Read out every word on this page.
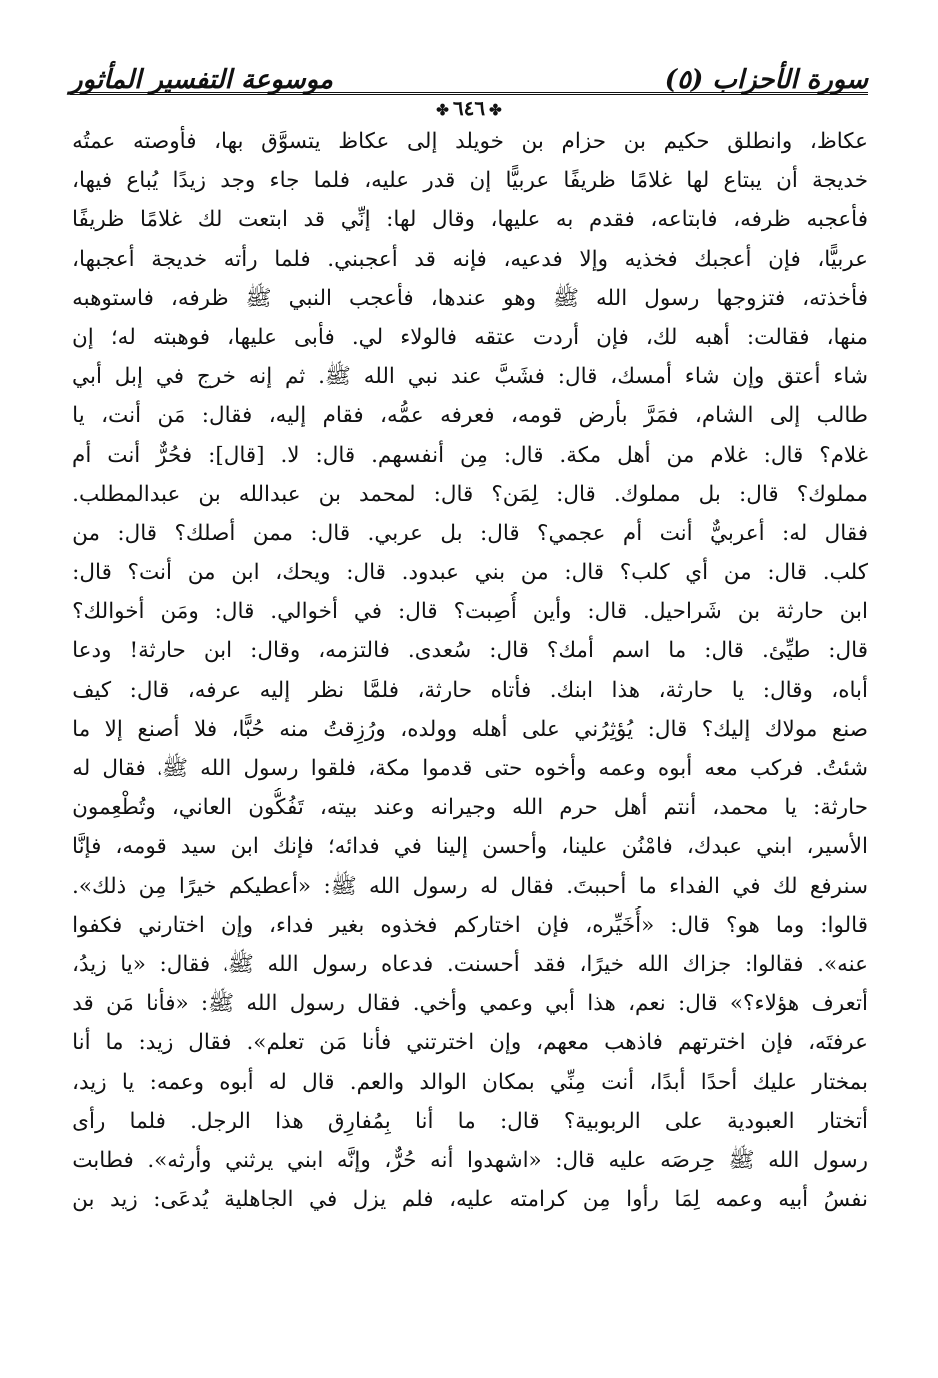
سورة الأحزاب (٥)
✤٦٤٦✤
موسوعة التفسير المأثور
عكاظ،
وانطلق
حكيم
بن
حزام
بن
خويلد
إلى
عكاظ
يتسوَّق
بها،
فأوصته
عمتُه
خديجة
أن
يبتاع
لها
غلامًا
ظريفًا
عربيًّا
إن
قدر
عليه،
فلما
جاء
وجد
زيدًا
يُباع
فيها،
فأعجبه
ظرفه،
فابتاعه،
فقدم
به
عليها،
وقال
لها:
إنِّي
قد
ابتعت
لك
غلامًا
ظريفًا
عربيًّا،
فإن
أعجبك
فخذيه
وإلا
فدعيه،
فإنه
قد
أعجبني.
فلما
رأته
خديجة
أعجبها،
فأخذته،
فتزوجها
رسول
الله
ﷺ
وهو
عندها،
فأعجب
النبي
ﷺ
ظرفه،
فاستوهبه
منها،
فقالت:
أهبه
لك،
فإن
أردت
عتقه
فالولاء
لي.
فأبى
عليها،
فوهبته
له؛
إن
شاء
أعتق
وإن
شاء
أمسك،
قال:
فشَبَّ
عند
نبي
الله
ﷺ.
ثم
إنه
خرج
في
إبل
أبي
طالب
إلى
الشام،
فمَرَّ
بأرض
قومه،
فعرفه
عمُّه،
فقام
إليه،
فقال:
مَن
أنت،
يا
غلام؟
قال:
غلام
من
أهل
مكة.
قال:
مِن
أنفسهم.
قال:
لا.
[قال]:
فحُرٌّ
أنت
أم
مملوك؟
قال:
بل
مملوك.
قال:
لِمَن؟
قال:
لمحمد
بن
عبدالله
بن
عبدالمطلب.
فقال
له:
أعربيٌّ
أنت
أم
عجمي؟
قال:
بل
عربي.
قال:
ممن
أصلك؟
قال:
من
كلب.
قال:
من
أي
كلب؟
قال:
من
بني
عبدود.
قال:
ويحك،
ابن
من
أنت؟
قال:
ابن
حارثة
بن
شَراحيل.
قال:
وأين
أُصِبت؟
قال:
في
أخوالي.
قال:
ومَن
أخوالك؟
قال:
طيِّئ.
قال:
ما
اسم
أمك؟
قال:
سُعدى.
فالتزمه،
وقال:
ابن
حارثة!
ودعا
أباه،
وقال:
يا
حارثة،
هذا
ابنك.
فأتاه
حارثة،
فلمَّا
نظر
إليه
عرفه،
قال:
كيف
صنع
مولاك
إليك؟
قال:
يُؤثِرُني
على
أهله
وولده،
ورُزِقتُ
منه
حُبًّا،
فلا
أصنع
إلا
ما
شئتُ.
فركب
معه
أبوه
وعمه
وأخوه
حتى
قدموا
مكة،
فلقوا
رسول
الله
ﷺ،
فقال
له
حارثة:
يا
محمد،
أنتم
أهل
حرم
الله
وجيرانه
وعند
بيته،
تَفُكُّون
العاني،
وتُطْعِمون
الأسير،
ابني
عبدك،
فامْنُن
علينا،
وأحسن
إلينا
في
فدائه؛
فإنك
ابن
سيد
قومه،
فإنَّا
سنرفع
لك
في
الفداء
ما
أحببتَ.
فقال
له
رسول
الله
ﷺ:
«أعطيكم
خيرًا
مِن
ذلك».
قالوا:
وما
هو؟
قال:
«أُخَيِّره،
فإن
اختاركم
فخذوه
بغير
فداء،
وإن
اختارني
فكفوا
عنه».
فقالوا:
جزاك
الله
خيرًا،
فقد
أحسنت.
فدعاه
رسول
الله
ﷺ،
فقال:
«يا
زيدُ،
أتعرف
هؤلاء؟»
قال:
نعم،
هذا
أبي
وعمي
وأخي.
فقال
رسول
الله
ﷺ:
«فأنا
مَن
قد
عرفتَه،
فإن
اخترتهم
فاذهب
معهم،
وإن
اخترتني
فأنا
مَن
تعلم».
فقال
زيد:
ما
أنا
بمختار
عليك
أحدًا
أبدًا،
أنت
مِنِّي
بمكان
الوالد
والعم.
قال
له
أبوه
وعمه:
يا
زيد،
أتختار
العبودية
على
الربوبية؟
قال:
ما
أنا
بِمُفارِق
هذا
الرجل.
فلما
رأى
رسول
الله
ﷺ
حِرصَه
عليه
قال:
«اشهدوا
أنه
حُرٌّ،
وإنَّه
ابني
يرثني
وأرثه».
فطابت
نفسُ
أبيه
وعمه
لِمَا
رأوا
مِن
كرامته
عليه،
فلم
يزل
في
الجاهلية
يُدعَى:
زيد
بن
